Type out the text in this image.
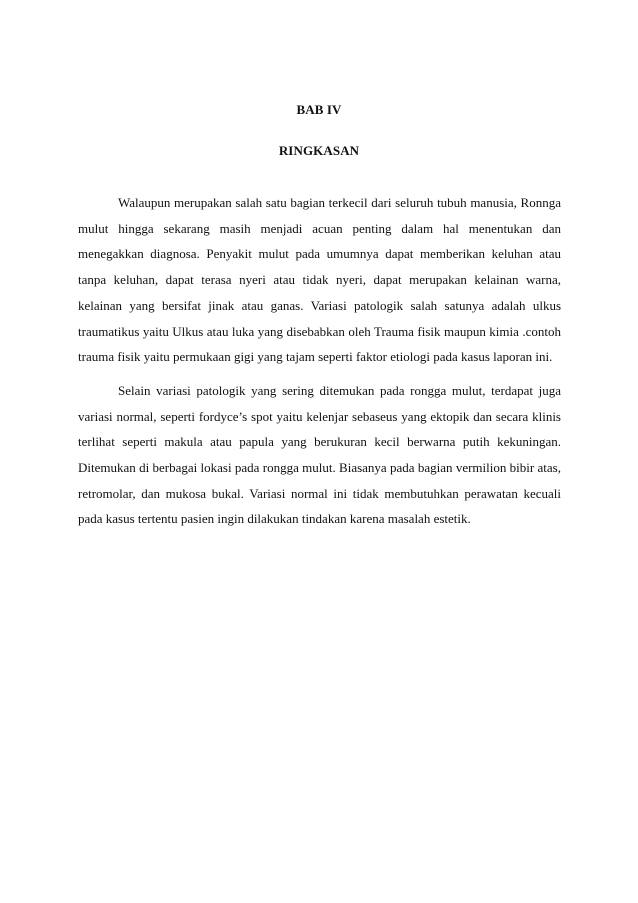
BAB IV
RINGKASAN

Walaupun merupakan salah satu bagian terkecil dari seluruh tubuh manusia, Ronnga mulut hingga sekarang masih menjadi acuan penting dalam hal menentukan dan menegakkan diagnosa. Penyakit mulut pada umumnya dapat memberikan keluhan atau tanpa keluhan, dapat terasa nyeri atau tidak nyeri, dapat merupakan kelainan warna, kelainan yang bersifat jinak atau ganas. Variasi patologik salah satunya adalah ulkus traumatikus yaitu Ulkus atau luka yang disebabkan oleh Trauma fisik maupun kimia .contoh trauma fisik yaitu permukaan gigi yang tajam seperti faktor etiologi pada kasus laporan ini.

Selain variasi patologik yang sering ditemukan pada rongga mulut, terdapat juga variasi normal, seperti fordyce’s spot yaitu kelenjar sebaseus yang ektopik dan secara klinis terlihat seperti makula atau papula yang berukuran kecil berwarna putih kekuningan. Ditemukan di berbagai lokasi pada rongga mulut. Biasanya pada bagian vermilion bibir atas, retromolar, dan mukosa bukal. Variasi normal ini tidak membutuhkan perawatan kecuali pada kasus tertentu pasien ingin dilakukan tindakan karena masalah estetik.
